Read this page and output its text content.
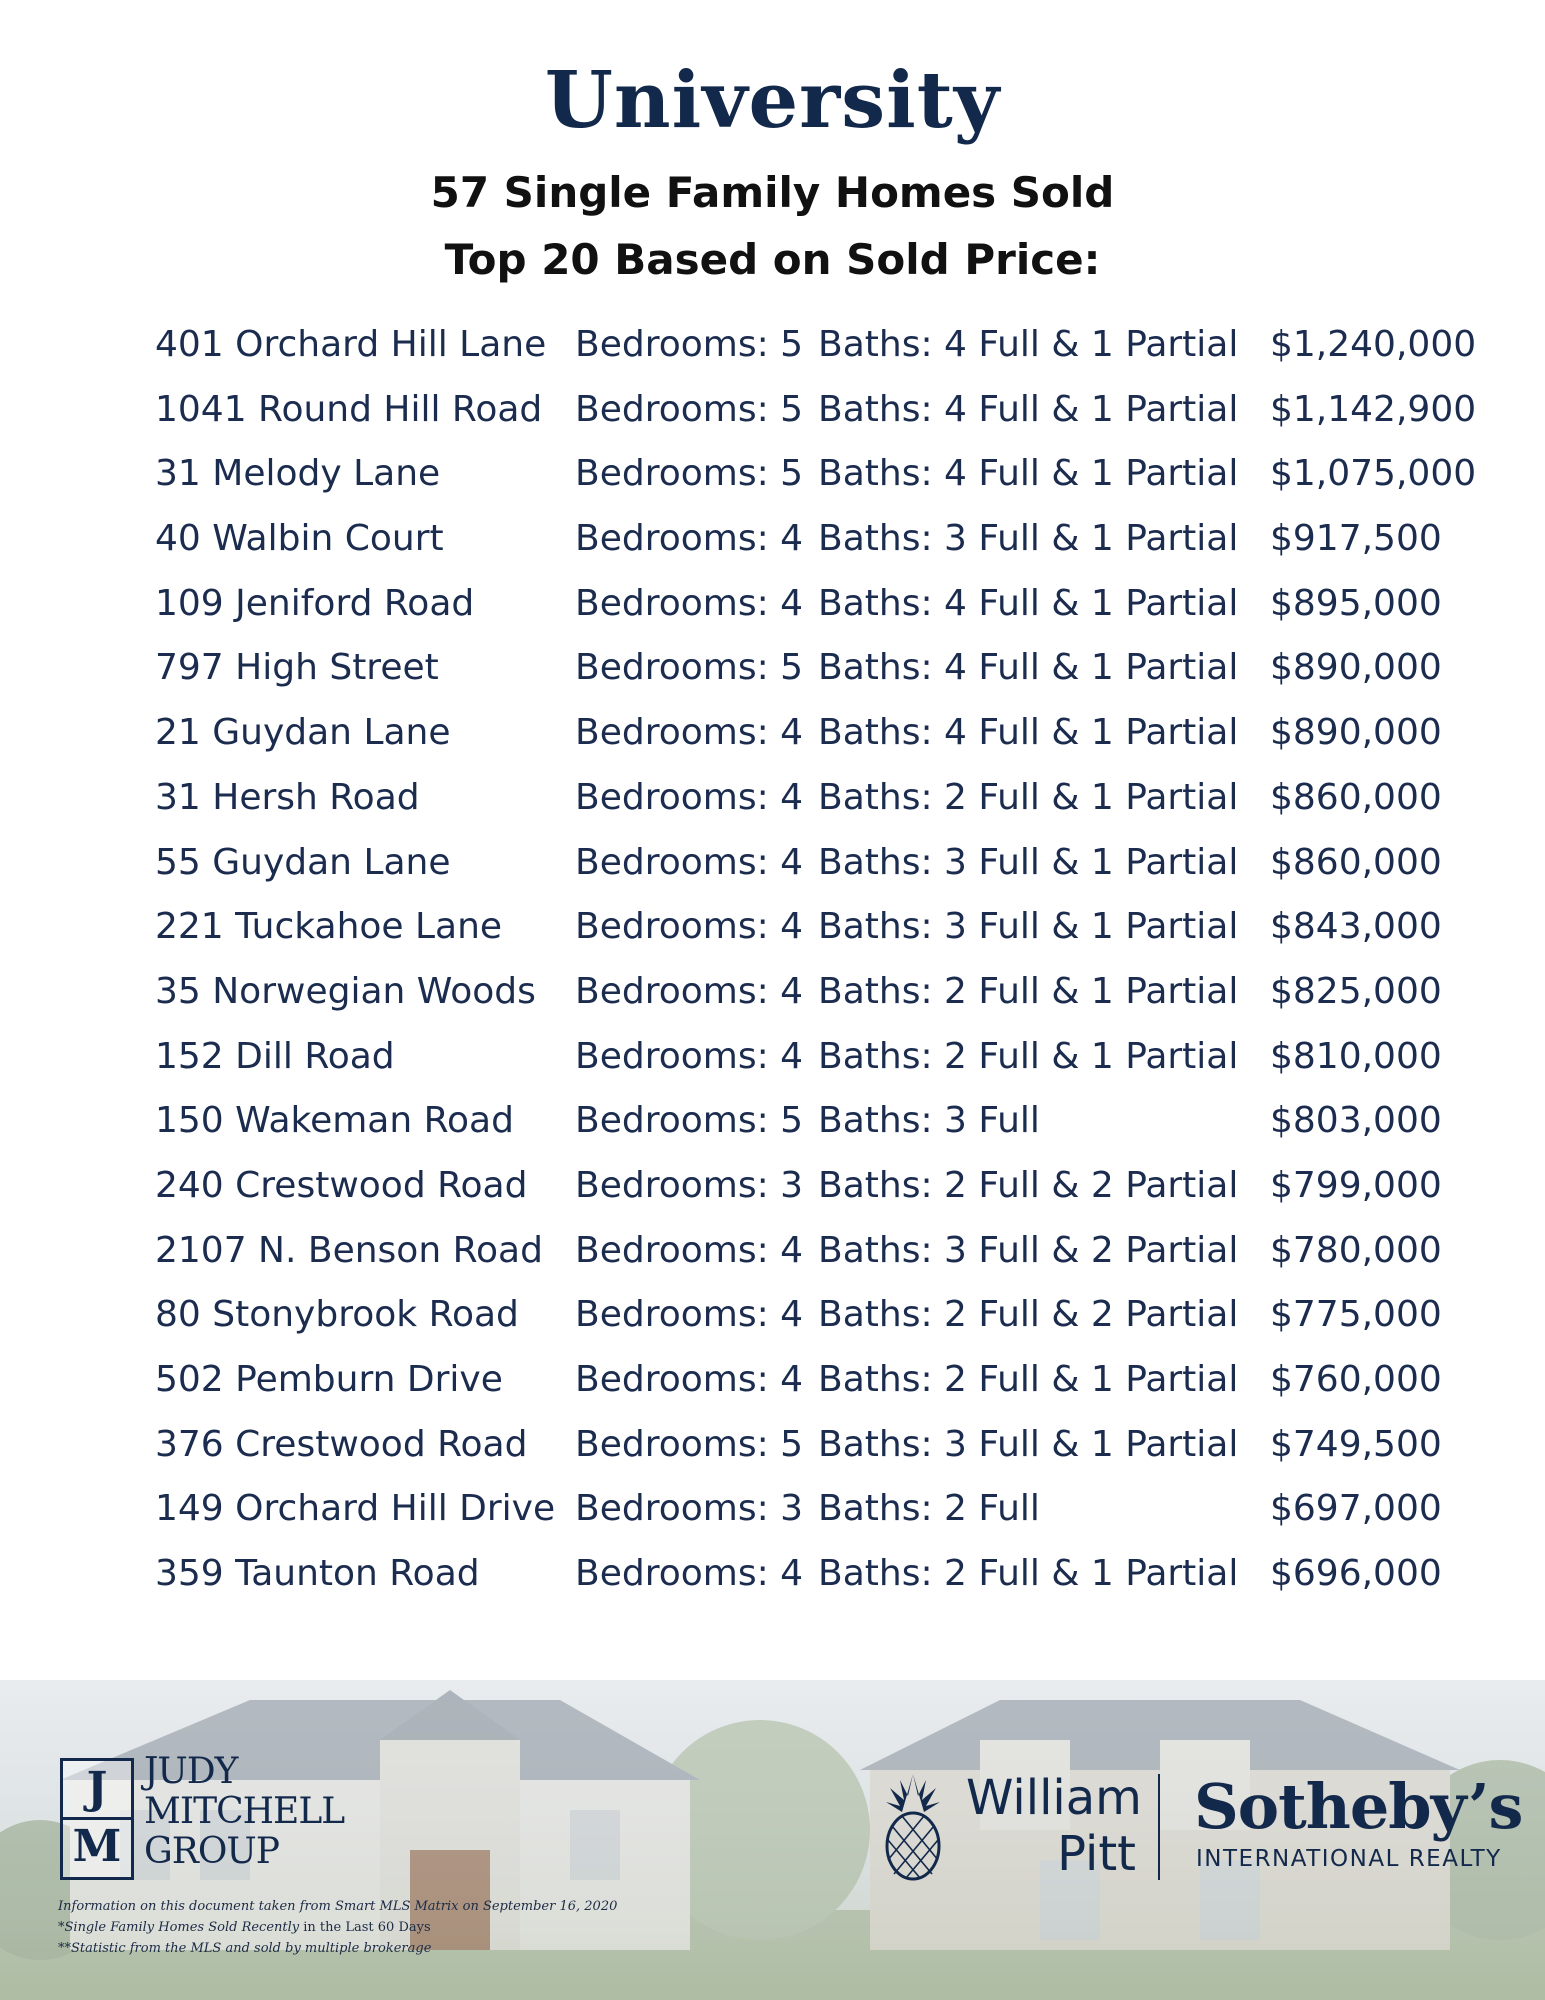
University
57 Single Family Homes Sold
Top 20 Based on Sold Price:
401 Orchard Hill Lane Bedrooms: 5 Baths: 4 Full & 1 Partial $1,240,000
1041 Round Hill Road Bedrooms: 5 Baths: 4 Full & 1 Partial $1,142,900
31 Melody Lane	Bedrooms: 5 Baths: 4 Full & 1 Partial $1,075,000
40 Walbin Court	Bedrooms: 4 Baths: 3 Full & 1 Partial $917,500
109 Jeniford Road	Bedrooms: 4 Baths: 4 Full & 1 Partial $895,000
797 High Street	Bedrooms: 5 Baths: 4 Full & 1 Partial $890,000
21 Guydan Lane	Bedrooms: 4 Baths: 4 Full & 1 Partial $890,000
31 Hersh Road	Bedrooms: 4 Baths: 2 Full & 1 Partial $860,000
55 Guydan Lane	Bedrooms: 4 Baths: 3 Full & 1 Partial $860,000
221 Tuckahoe Lane Bedrooms: 4 Baths: 3 Full & 1 Partial $843,000
35 Norwegian Woods Bedrooms: 4 Baths: 2 Full & 1 Partial $825,000
152 Dill Road	Bedrooms: 4 Baths: 2 Full & 1 Partial $810,000
150 Wakeman Road Bedrooms: 5 Baths: 3 Full	$803,000
240 Crestwood Road Bedrooms: 3 Baths: 2 Full & 2 Partial $799,000
2107 N. Benson Road Bedrooms: 4 Baths: 3 Full & 2 Partial $780,000
80 Stonybrook Road Bedrooms: 4 Baths: 2 Full & 2 Partial $775,000
502 Pemburn Drive Bedrooms: 4 Baths: 2 Full & 1 Partial $760,000
376 Crestwood Road Bedrooms: 5 Baths: 3 Full & 1 Partial $749,500
149 Orchard Hill Drive Bedrooms: 3 Baths: 2 Full	$697,000
359 Taunton Road	Bedrooms: 4 Baths: 2 Full & 1 Partial $696,000
J
M
JUDY
MITCHELL
GROUP
Information on this document taken from Smart MLS Matrix on September 16, 2020
*Single Family Homes Sold Recently in the Last 60 Days
**Statistic from the MLS and sold by multiple brokerage
William
Pitt
Sotheby’s
INTERNATIONAL REALTY
